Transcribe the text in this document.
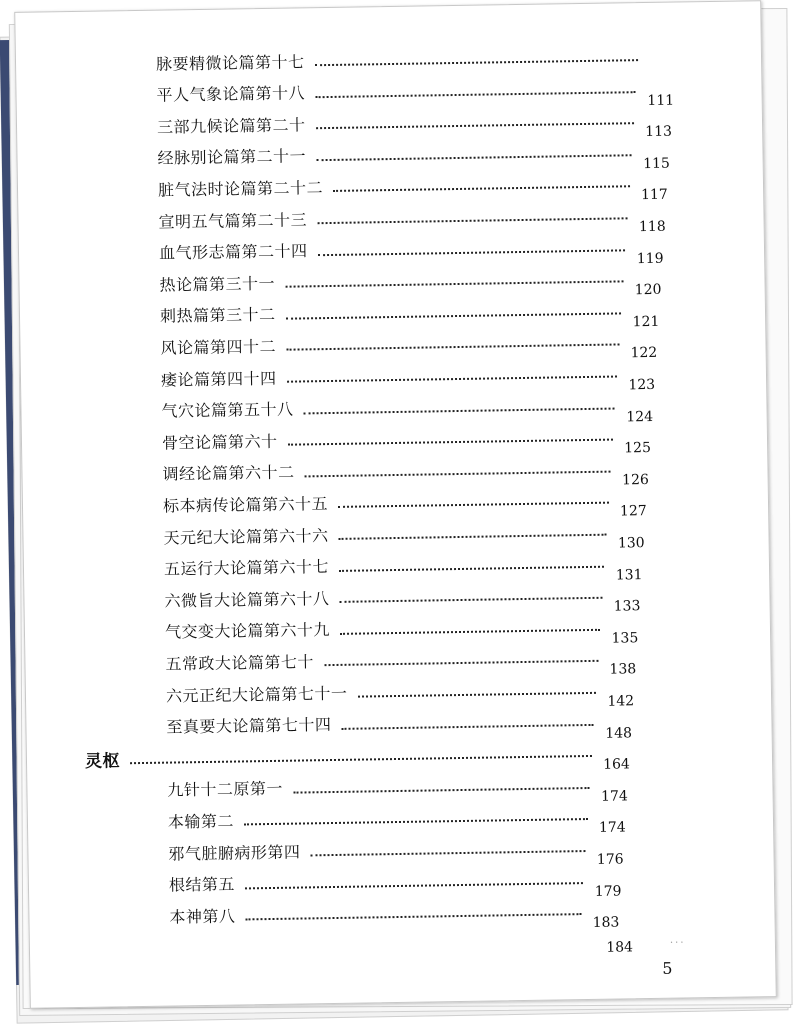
脉要精微论篇第十七
平人气象论篇第十八	111
三部九候论篇第二十	113
经脉别论篇第二十一	115
脏气法时论篇第二十二	117
宣明五气篇第二十三	118
血气形志篇第二十四	119
热论篇第三十一	120
刺热篇第三十二	121
风论篇第四十二	122
痿论篇第四十四	123
气穴论篇第五十八	124
骨空论篇第六十	125
调经论篇第六十二	126
标本病传论篇第六十五	127
天元纪大论篇第六十六	130
五运行大论篇第六十七	131
六微旨大论篇第六十八	133
气交变大论篇第六十九	135
五常政大论篇第七十	138
六元正纪大论篇第七十一	142
至真要大论篇第七十四	148
灵枢	164
九针十二原第一	174
本输第二	174
邪气脏腑病形第四	176
根结第五	179
本神第八	183
184	···
5
